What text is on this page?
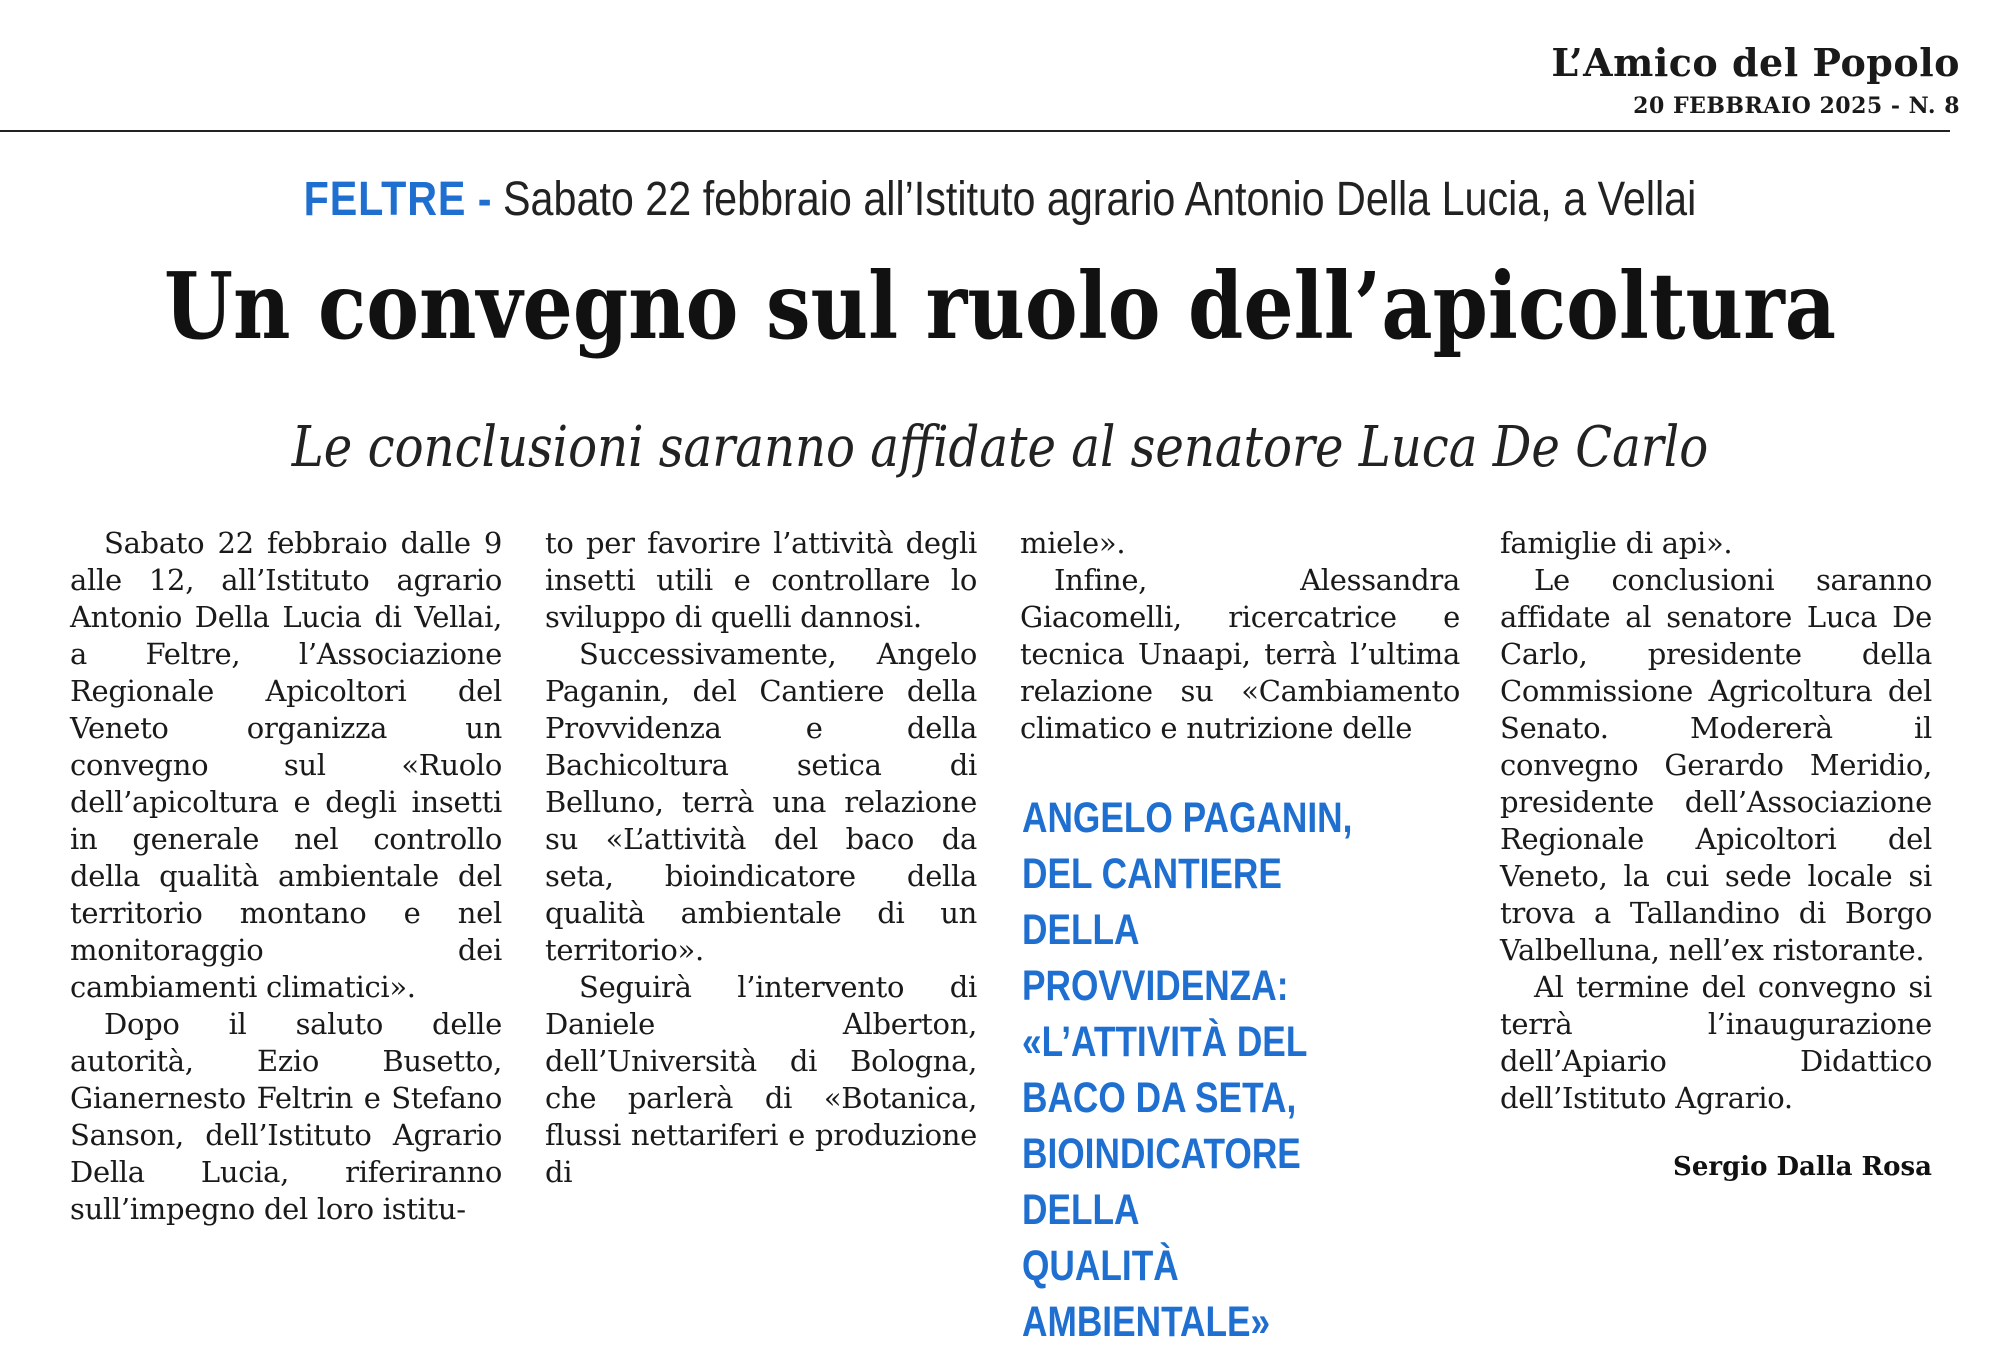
L’Amico del Popolo
20 FEBBRAIO 2025 - N. 8
FELTRE - Sabato 22 febbraio all’Istituto agrario Antonio Della Lucia, a Vellai
Un convegno sul ruolo dell’apicoltura
Le conclusioni saranno affidate al senatore Luca De Carlo

Sabato 22 febbraio dalle 9 alle 12, all’Istituto agrario Antonio Della Lucia di Vellai, a Feltre, l’Associazione Regionale Apicoltori del Veneto organizza un convegno sul «Ruolo dell’apicoltura e degli insetti in generale nel controllo della qualità ambientale del territorio montano e nel monitoraggio dei cambiamenti climatici».

Dopo il saluto delle autorità, Ezio Busetto, Gianernesto Feltrin e Stefano Sanson, dell’Istituto Agrario Della Lucia, riferiranno sull’impegno del loro istitu-

to per favorire l’attività degli insetti utili e controllare lo sviluppo di quelli dannosi.

Successivamente, Angelo Paganin, del Cantiere della Provvidenza e della Bachicoltura setica di Belluno, terrà una relazione su «L’attività del baco da seta, bioindicatore della qualità ambientale di un territorio».

Seguirà l’intervento di Daniele Alberton, dell’Università di Bologna, che parlerà di «Botanica, flussi nettariferi e produzione di

miele».

Infine, Alessandra Giacomelli, ricercatrice e tecnica Unaapi, terrà l’ultima relazione su «Cambiamento climatico e nutrizione delle

ANGELO PAGANIN,
DEL CANTIERE DELLA
PROVVIDENZA:
«L’ATTIVITÀ DEL
BACO DA SETA,
BIOINDICATORE DELLA
QUALITÀ AMBIENTALE»

famiglie di api».

Le conclusioni saranno affidate al senatore Luca De Carlo, presidente della Commissione Agricoltura del Senato. Modererà il convegno Gerardo Meridio, presidente dell’Associazione Regionale Apicoltori del Veneto, la cui sede locale si trova a Tallandino di Borgo Valbelluna, nell’ex ristorante.

Al termine del convegno si terrà l’inaugurazione dell’Apiario Didattico dell’Istituto Agrario.

Sergio Dalla Rosa
